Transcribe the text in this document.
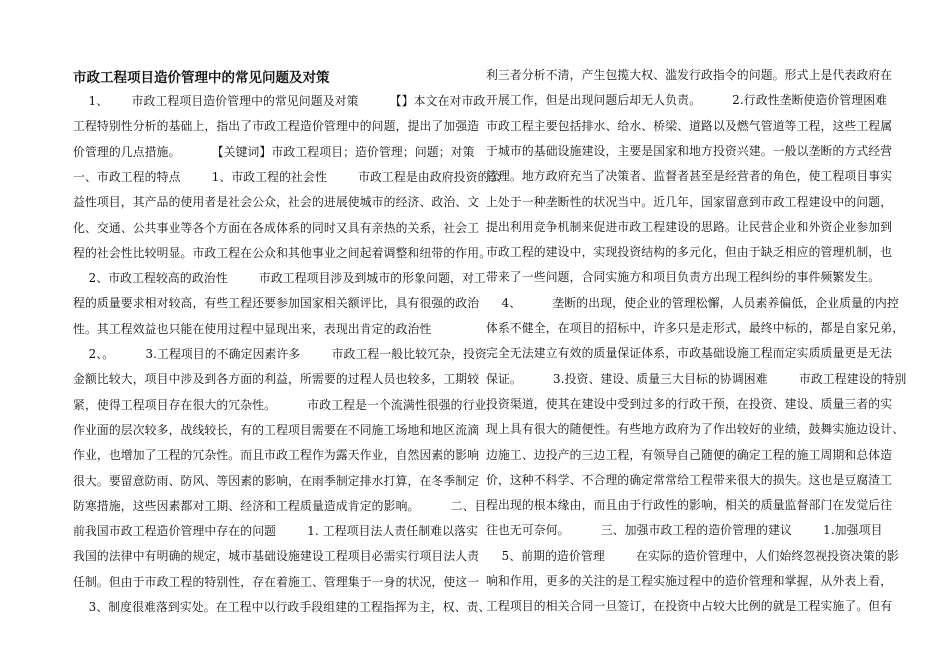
市政工程项目造价管理中的常见问题及对策
1、      市政工程项目造价管理中的常见问题及对策        【】本文在对市政
工程特别性分析的基础上，指出了市政工程造价管理中的问题，提出了加强造
价管理的几点措施。        【关键词】市政工程项目；造价管理；问题；对策
一、市政工程的特点        1、市政工程的社会性        市政工程是由政府投资的公
益性项目，其产品的使用者是社会公众，社会的进展使城市的经济、政治、文
化、交通、公共事业等各个方面在各成体系的同时又具有亲热的关系，社会工
程的社会性比较明显。市政工程在公众和其他事业之间起着调整和纽带的作用。
2、市政工程较高的政治性        市政工程项目涉及到城市的形象问题，对工
程的质量要求相对较高，有些工程还要参加国家相关额评比，具有很强的政治
性。其工程效益也只能在使用过程中显现出来，表现出肯定的政治性
2、。        3.工程项目的不确定因素许多        市政工程一般比较冗杂，投资
金额比较大，项目中涉及到各方面的利益，所需要的过程人员也较多，工期较
紧，使得工程项目存在很大的冗杂性。        市政工程是一个流满性很强的行业，
作业面的层次较多，战线较长，有的工程项目需要在不同施工场地和地区流滴
作业，也增加了工程的冗杂性。而且市政工程作为露天作业，自然因素的影响
很大。要留意防雨、防风、等因素的影响，在雨季制定排水打算，在冬季制定
防寒措施，这些因素都对工期、经济和工程质量造成肯定的影响。        二、目
前我国市政工程造价管理中存在的问题        1. 工程项目法人责任制难以落实
我国的法律中有明确的规定，城市基础设施建设工程项目必需实行项目法人责
任制。但由于市政工程的特别性，存在着施工、管理集于一身的状况，使这一
3、制度很难落到实处。在工程中以行政手段组建的工程指挥为主，权、责、
利三者分析不清，产生包揽大权、滥发行政指令的问题。形式上是代表政府在
开展工作，但是出现问题后却无人负责。        2.行政性垄断使造价管理困难
市政工程主要包括排水、给水、桥梁、道路以及燃气管道等工程，这些工程属
于城市的基础设施建设，主要是国家和地方投资兴建。一般以垄断的方式经营
管理。地方政府充当了决策者、监督者甚至是经营者的角色，使工程项目事实
上处于一种垄断性的状况当中。近几年，国家留意到市政工程建设中的问题，
提出利用竞争机制来促进市政工程建设的思路。让民营企业和外资企业参加到
市政工程的建设中，实现投资结构的多元化，但由于缺乏相应的管理机制，也
带来了一些问题，合同实施方和项目负责方出现工程纠纷的事件频繁发生。
4、        垄断的出现，使企业的管理松懈，人员素养偏低，企业质量的内控
体系不健全，在项目的招标中，许多只是走形式，最终中标的，都是自家兄弟，
完全无法建立有效的质量保证体系，市政基础设施工程而定实质质量更是无法
保证。        3.投资、建设、质量三大目标的协调困难        市政工程建设的特别
投资渠道，使其在建设中受到过多的行政干预，在投资、建设、质量三者的实
现上具有很大的随便性。有些地方政府为了作出较好的业绩，鼓舞实施边设计、
边施工、边投产的三边工程，有领导自己随便的确定工程的施工周期和总体造
价，这种不科学、不合理的确定常常给工程带来很大的损失。这也是豆腐渣工
程出现的根本缘由，而且由于行政性的影响，相关的质量监督部门在发觉后往
往也无可奈何。        三、加强市政工程的造价管理的建议        1.加强项目
5、前期的造价管理        在实际的造价管理中，人们始终忽视投资决策的影
响和作用，更多的关注的是工程实施过程中的造价管理和掌握，从外表上看，
工程项目的相关合同一旦签订，在投资中占较大比例的就是工程实施了。但有
